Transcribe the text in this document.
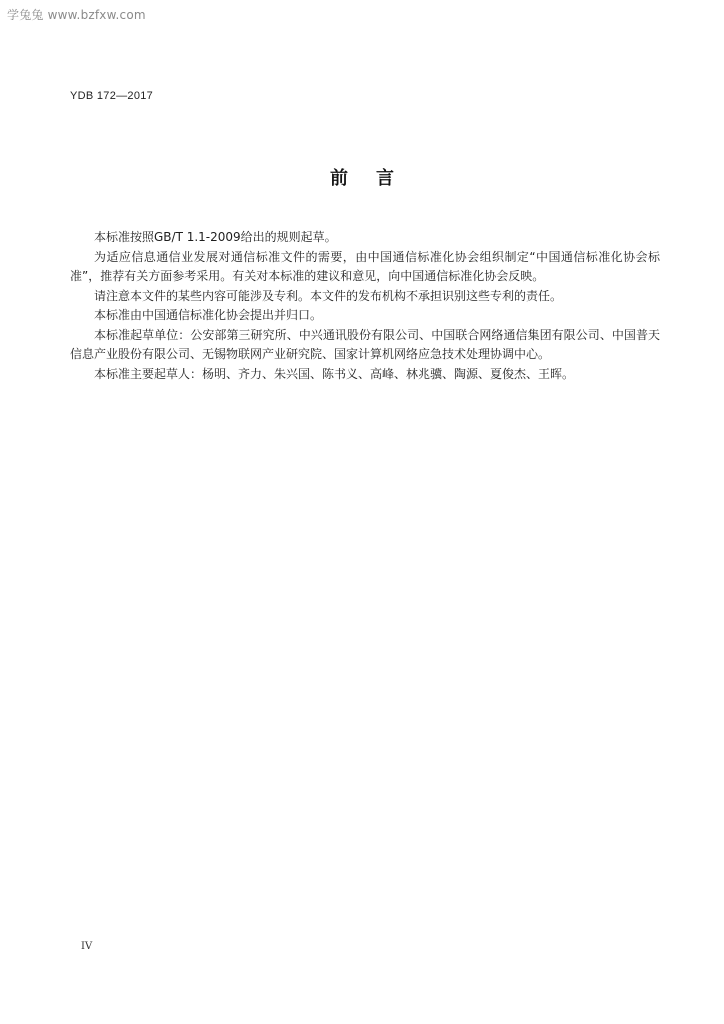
学兔兔 www.bzfxw.com
YDB 172—2017
前言

本标准按照GB/T 1.1-2009给出的规则起草。

为适应信息通信业发展对通信标准文件的需要，由中国通信标准化协会组织制定“中国通信标准化协会标准”，推荐有关方面参考采用。有关对本标准的建议和意见，向中国通信标准化协会反映。

请注意本文件的某些内容可能涉及专利。本文件的发布机构不承担识别这些专利的责任。

本标准由中国通信标准化协会提出并归口。

本标准起草单位：公安部第三研究所、中兴通讯股份有限公司、中国联合网络通信集团有限公司、中国普天信息产业股份有限公司、无锡物联网产业研究院、国家计算机网络应急技术处理协调中心。

本标准主要起草人：杨明、齐力、朱兴国、陈书义、高峰、林兆骥、陶源、夏俊杰、王晖。

IV
